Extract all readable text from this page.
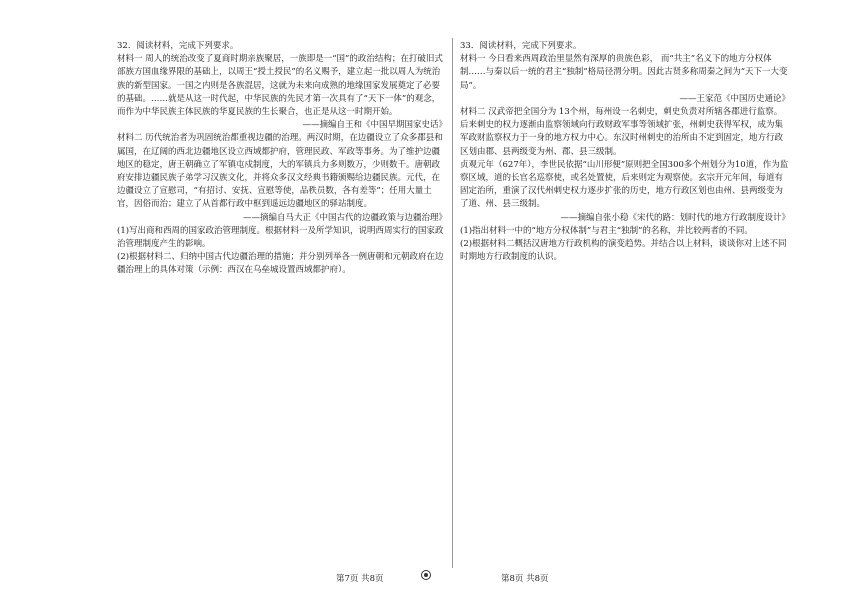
32．阅读材料，完成下列要求。

材料一 周人的统治改变了夏商时期亲族聚居，一族即是一“国”的政治结构；在打破旧式部族方国血缘界限的基础上，以周王“授土授民”的名义赐予，建立起一批以周人为统治族的新型国家。一国之内则是各族混居，这就为未来向成熟的地缘国家发展奠定了必要的基础。……就是从这一时代起，中华民族的先民才第一次具有了“天下一体”的观念，而作为中华民族主体民族的华夏民族的生长聚合，也正是从这一时期开始。

——摘编自王和《中国早期国家史话》

材料二 历代统治者为巩固统治都重视边疆的治理。两汉时期，在边疆设立了众多郡县和属国，在辽阔的西北边疆地区设立西域都护府，管理民政、军政等事务。为了维护边疆地区的稳定，唐王朝确立了军镇屯戍制度，大的军镇兵力多则数万，少则数千。唐朝政府安排边疆民族子弟学习汉族文化，并将众多汉文经典书籍颁赐给边疆民族。元代，在边疆设立了宣慰司，“有招讨、安抚、宣慰等使，品秩员数，各有差等”；任用大量土官，因俗而治；建立了从首都行政中枢到遥远边疆地区的驿站制度。

——摘编自马大正《中国古代的边疆政策与边疆治理》

(1)写出商和西周的国家政治管理制度。根据材料一及所学知识，说明西周实行的国家政治管理制度产生的影响。

(2)根据材料二、归纳中国古代边疆治理的措施；并分别列举各一例唐朝和元朝政府在边疆治理上的具体对策（示例：西汉在乌垒城设置西域都护府）。

33．阅读材料，完成下列要求。

材料一 今日看来西周政治里显然有深厚的贵族色彩， 而“共主”名义下的地方分权体制……与秦以后一统的君主“独制”格局径渭分明。因此古贤多称周秦之间为“天下一大变局”。

——王家范《中国历史通论》

材料二 汉武帝把全国分为 13个州，每州设一名刺史，刺史负责对所辖各郡进行监察。后来刺史的权力逐渐由监察领域向行政财政军事等领域扩张，州刺史获得军权，成为集军政财监察权力于一身的地方权力中心。东汉时州刺史的治所由不定到固定，地方行政区划由郡、县两级变为州、郡、县三级制。

贞观元年（627年），李世民依据“山川形便”原则把全国300多个州划分为10道，作为监察区域，道的长官名巡察使，或名处置使，后来则定为观察使。玄宗开元年间，每道有固定治所，重演了汉代州刺史权力逐步扩张的历史，地方行政区划也由州、县两级变为了道、州、县三级制。

——摘编自张小稳《宋代的路：划时代的地方行政制度设计》

(1)指出材料一中的“地方分权体制”与君主“独制”的名称，并比较两者的不同。

(2)根据材料二概括汉唐地方行政机构的演变趋势。并结合以上材料，谈谈你对上述不同时期地方行政制度的认识。

第7页 共8页	第8页 共8页
